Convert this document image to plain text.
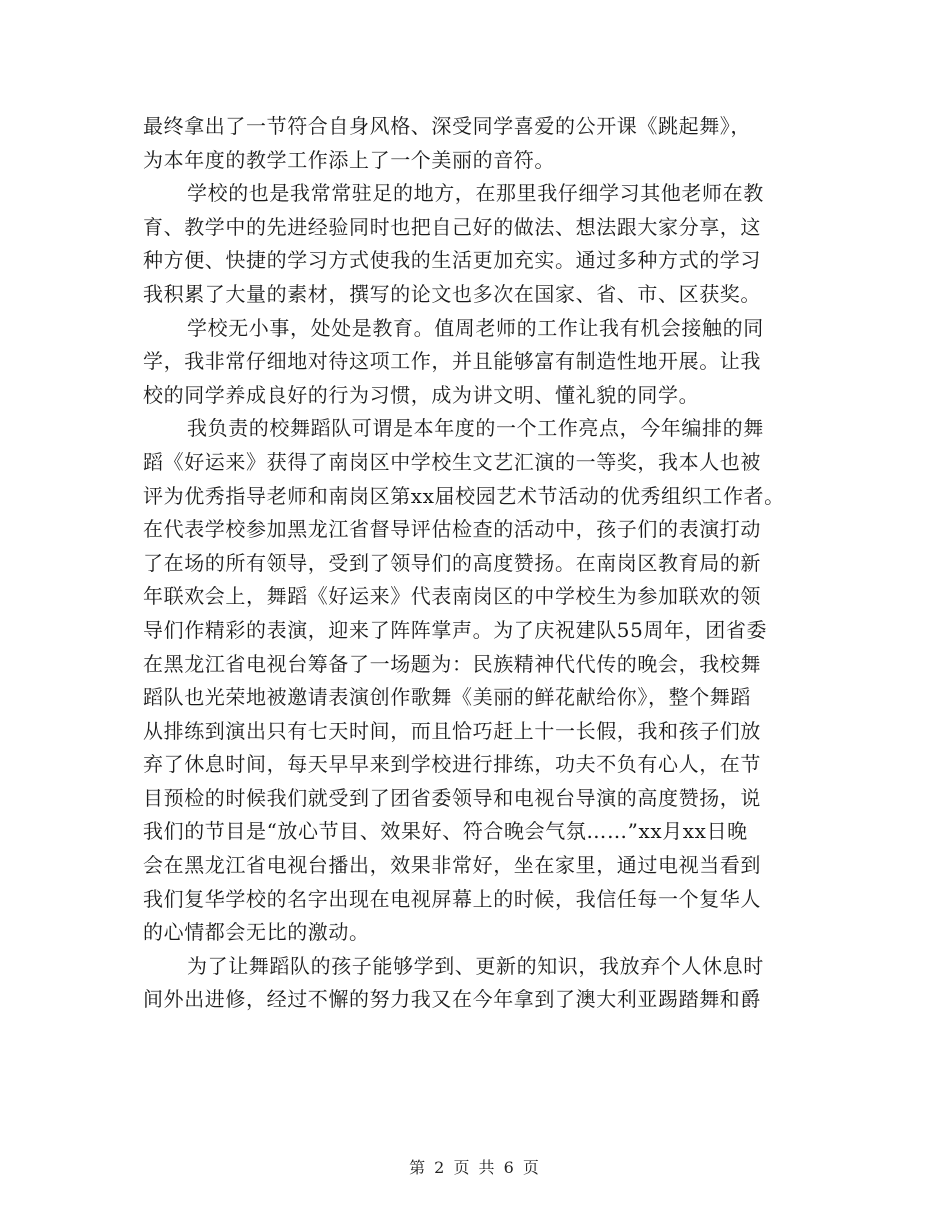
最终拿出了一节符合自身风格、深受同学喜爱的公开课《跳起舞》，
为本年度的教学工作添上了一个美丽的音符。
学校的也是我常常驻足的地方，在那里我仔细学习其他老师在教
育、教学中的先进经验同时也把自己好的做法、想法跟大家分享，这
种方便、快捷的学习方式使我的生活更加充实。通过多种方式的学习
我积累了大量的素材，撰写的论文也多次在国家、省、市、区获奖。
学校无小事，处处是教育。值周老师的工作让我有机会接触的同
学，我非常仔细地对待这项工作，并且能够富有制造性地开展。让我
校的同学养成良好的行为习惯，成为讲文明、懂礼貌的同学。
我负责的校舞蹈队可谓是本年度的一个工作亮点，今年编排的舞
蹈《好运来》获得了南岗区中学校生文艺汇演的一等奖，我本人也被
评为优秀指导老师和南岗区第xx届校园艺术节活动的优秀组织工作者。
在代表学校参加黑龙江省督导评估检查的活动中，孩子们的表演打动
了在场的所有领导，受到了领导们的高度赞扬。在南岗区教育局的新
年联欢会上，舞蹈《好运来》代表南岗区的中学校生为参加联欢的领
导们作精彩的表演，迎来了阵阵掌声。为了庆祝建队55周年，团省委
在黑龙江省电视台筹备了一场题为：民族精神代代传的晚会，我校舞
蹈队也光荣地被邀请表演创作歌舞《美丽的鲜花献给你》，整个舞蹈
从排练到演出只有七天时间，而且恰巧赶上十一长假，我和孩子们放
弃了休息时间，每天早早来到学校进行排练，功夫不负有心人，在节
目预检的时候我们就受到了团省委领导和电视台导演的高度赞扬，说
我们的节目是“放心节目、效果好、符合晚会气氛……”xx月xx日晚
会在黑龙江省电视台播出，效果非常好，坐在家里，通过电视当看到
我们复华学校的名字出现在电视屏幕上的时候，我信任每一个复华人
的心情都会无比的激动。
为了让舞蹈队的孩子能够学到、更新的知识，我放弃个人休息时
间外出进修，经过不懈的努力我又在今年拿到了澳大利亚踢踏舞和爵
第 2 页 共 6 页
